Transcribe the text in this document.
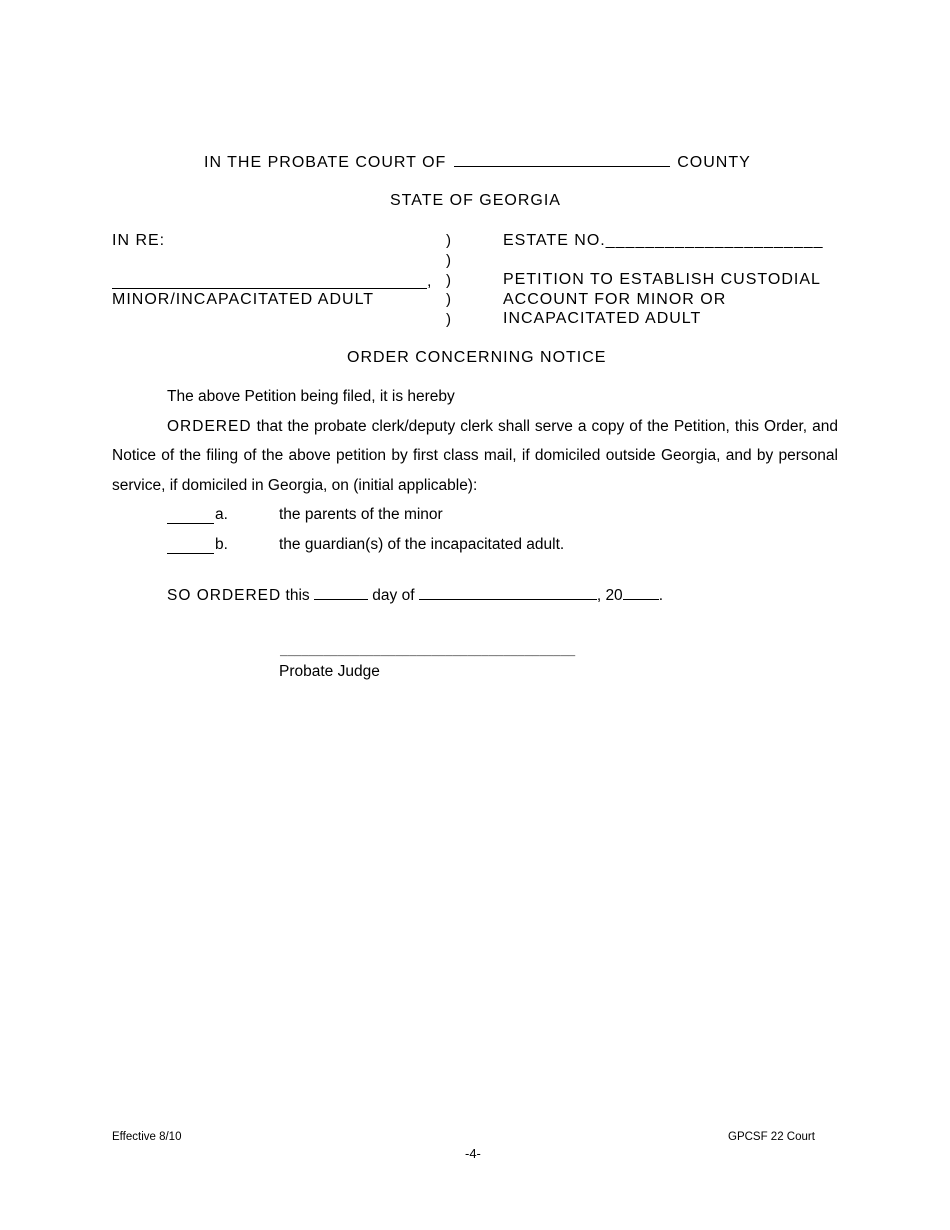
IN THE PROBATE COURT OF	COUNTY
STATE OF GEORGIA
IN RE:
,
MINOR/INCAPACITATED ADULT
)
)
)
)
)
ESTATE NO.______________________
PETITION TO ESTABLISH CUSTODIAL
ACCOUNT FOR MINOR OR
INCAPACITATED ADULT
ORDER CONCERNING NOTICE
The above Petition being filed, it is hereby
ORDERED that the probate clerk/deputy clerk shall serve a copy of the Petition, this Order, and
Notice of the filing of the above petition by first class mail, if domiciled outside Georgia, and by personal
service, if domiciled in Georgia, on (initial applicable):
a.	the parents of the minor
b.	the guardian(s) of the incapacitated adult.
SO ORDERED this	day of	, 20 .
_________________________________________
Probate Judge
Effective 8/10	GPCSF 22 Court
-4-
